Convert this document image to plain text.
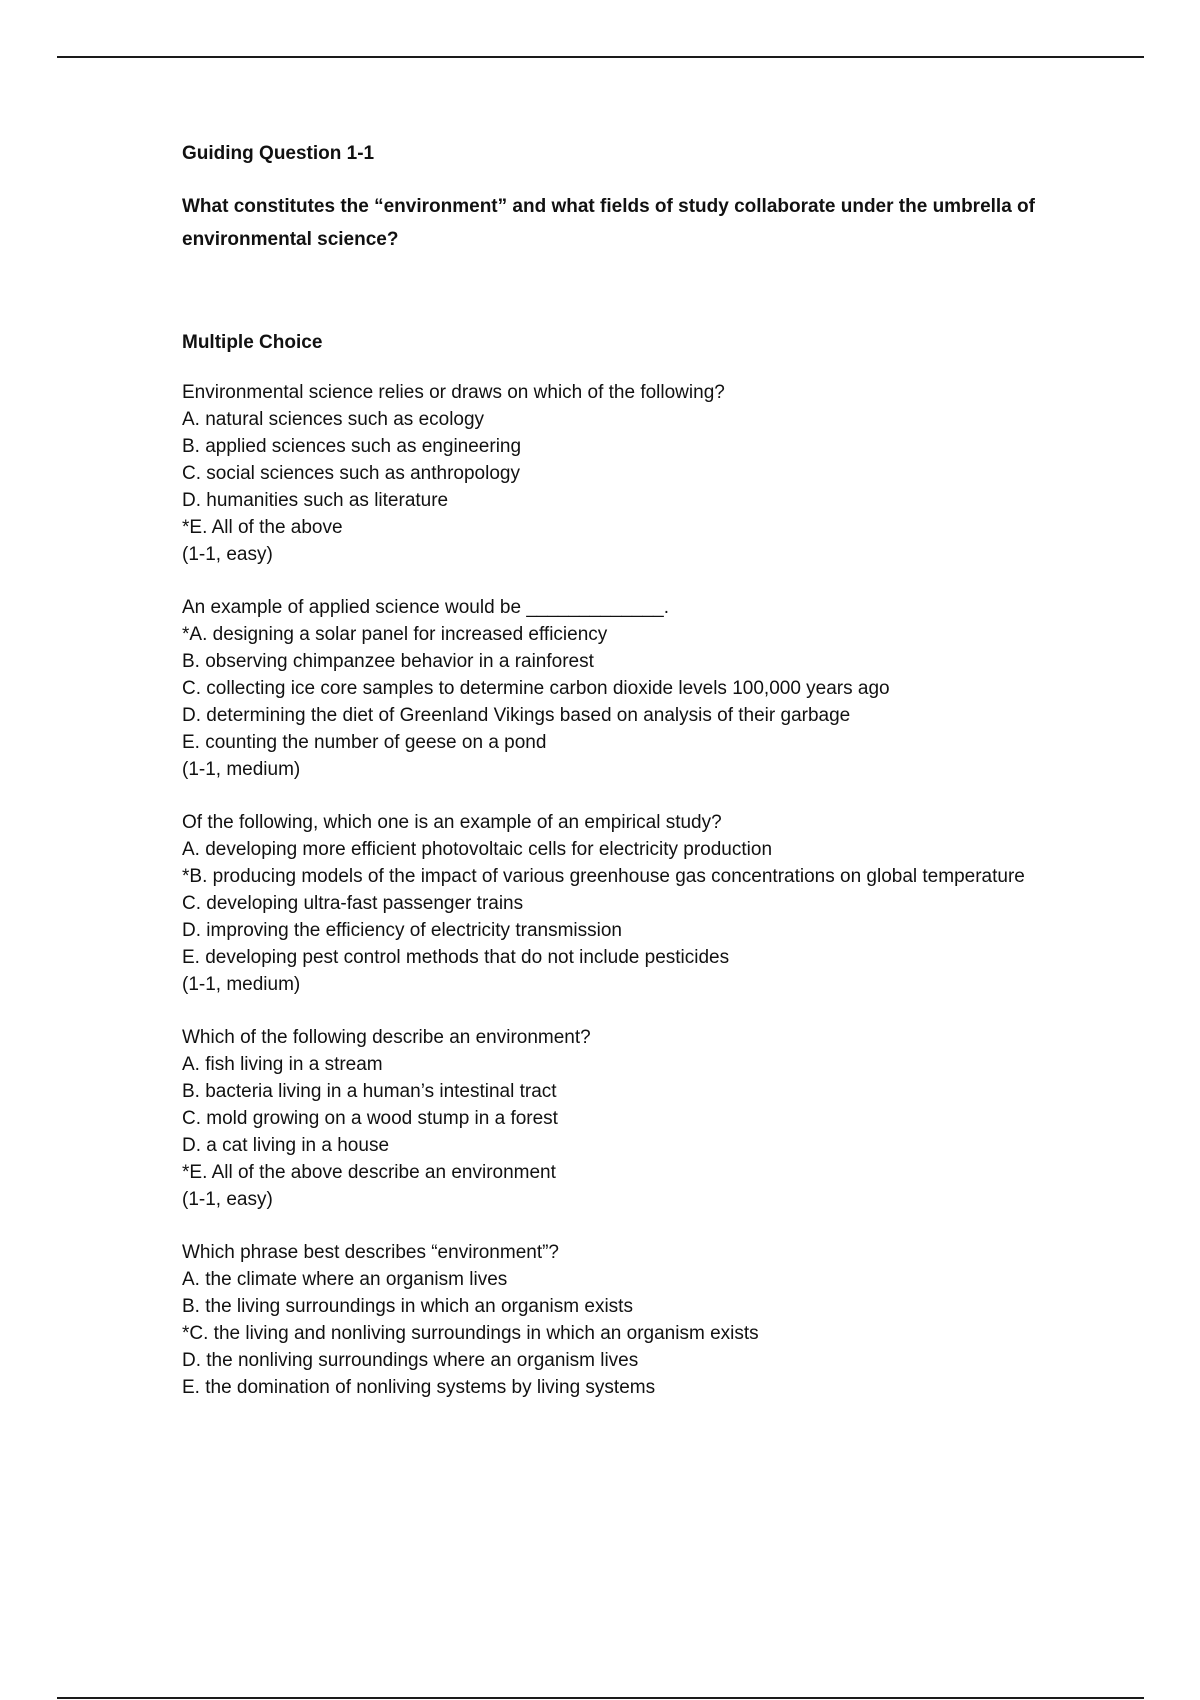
Guiding Question 1-1

What constitutes the “environment” and what fields of study collaborate under the umbrella of environmental science?

Multiple Choice

Environmental science relies or draws on which of the following?

A. natural sciences such as ecology

B. applied sciences such as engineering

C. social sciences such as anthropology

D. humanities such as literature

*E. All of the above

(1-1, easy)

An example of applied science would be _____________.

*A. designing a solar panel for increased efficiency

B. observing chimpanzee behavior in a rainforest

C. collecting ice core samples to determine carbon dioxide levels 100,000 years ago

D. determining the diet of Greenland Vikings based on analysis of their garbage

E. counting the number of geese on a pond

(1-1, medium)

Of the following, which one is an example of an empirical study?

A. developing more efficient photovoltaic cells for electricity production

*B. producing models of the impact of various greenhouse gas concentrations on global temperature

C. developing ultra-fast passenger trains

D. improving the efficiency of electricity transmission

E. developing pest control methods that do not include pesticides

(1-1, medium)

Which of the following describe an environment?

A. fish living in a stream

B. bacteria living in a human’s intestinal tract

C. mold growing on a wood stump in a forest

D. a cat living in a house

*E. All of the above describe an environment

(1-1, easy)

Which phrase best describes “environment”?

A. the climate where an organism lives

B. the living surroundings in which an organism exists

*C. the living and nonliving surroundings in which an organism exists

D. the nonliving surroundings where an organism lives

E. the domination of nonliving systems by living systems
